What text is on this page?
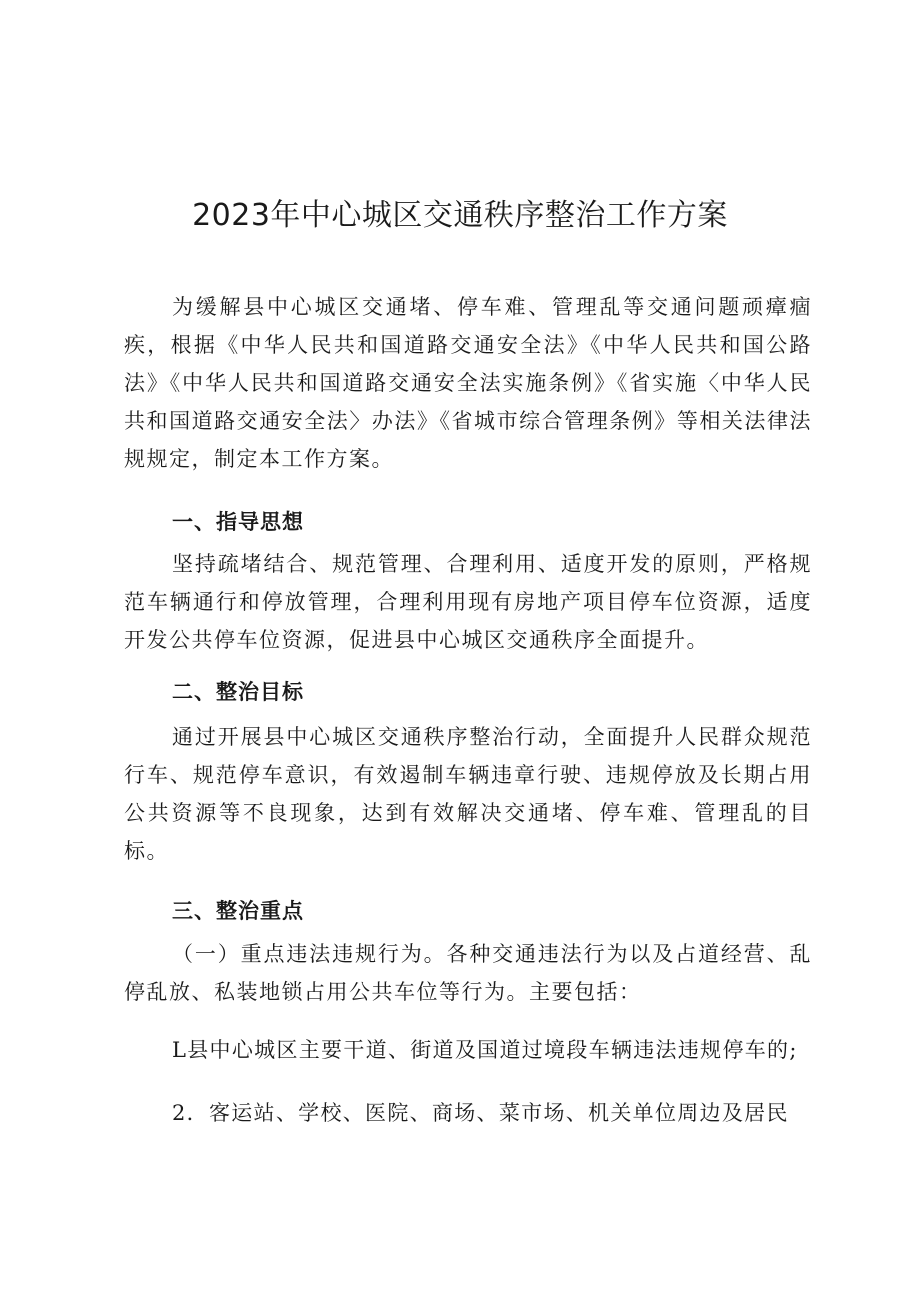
2023年中心城区交通秩序整治工作方案

为缓解县中心城区交通堵、停车难、管理乱等交通问题顽瘴痼疾，根据《中华人民共和国道路交通安全法》《中华人民共和国公路法》《中华人民共和国道路交通安全法实施条例》《省实施〈中华人民共和国道路交通安全法〉办法》《省城市综合管理条例》等相关法律法规规定，制定本工作方案。

一、指导思想

坚持疏堵结合、规范管理、合理利用、适度开发的原则，严格规范车辆通行和停放管理，合理利用现有房地产项目停车位资源，适度开发公共停车位资源，促进县中心城区交通秩序全面提升。

二、整治目标

通过开展县中心城区交通秩序整治行动，全面提升人民群众规范行车、规范停车意识，有效遏制车辆违章行驶、违规停放及长期占用公共资源等不良现象，达到有效解决交通堵、停车难、管理乱的目标。

三、整治重点

（一）重点违法违规行为。各种交通违法行为以及占道经营、乱停乱放、私装地锁占用公共车位等行为。主要包括：

L县中心城区主要干道、街道及国道过境段车辆违法违规停车的;

2．客运站、学校、医院、商场、菜市场、机关单位周边及居民
